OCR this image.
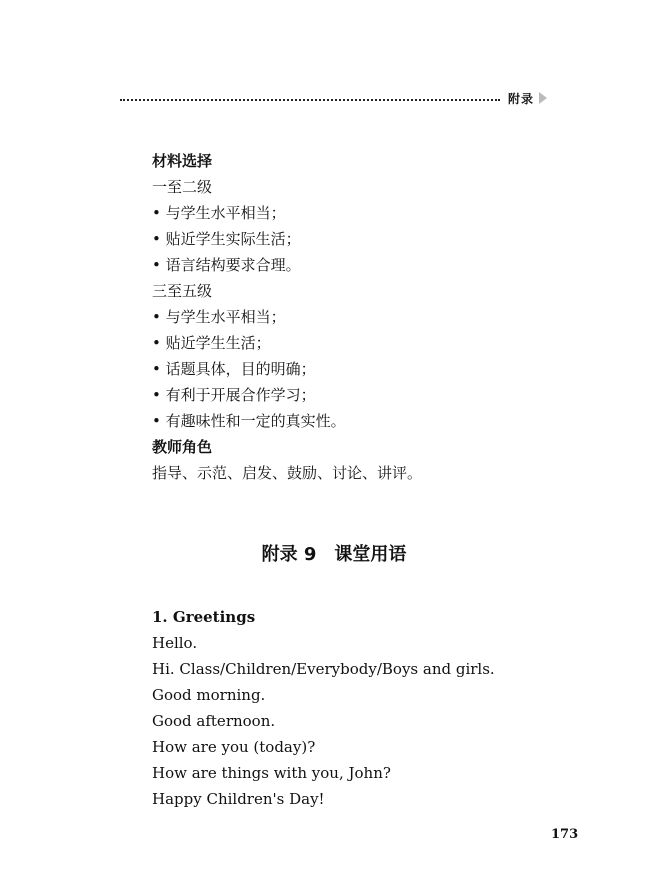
附录
材料选择
一至二级
• 与学生水平相当；
• 贴近学生实际生活；
• 语言结构要求合理。
三至五级
• 与学生水平相当；
• 贴近学生生活；
• 话题具体，目的明确；
• 有利于开展合作学习；
• 有趣味性和一定的真实性。
教师角色
指导、示范、启发、鼓励、讨论、讲评。
附录 9　课堂用语
1. Greetings
Hello.
Hi. Class/Children/Everybody/Boys and girls.
Good morning.
Good afternoon.
How are you (today)?
How are things with you, John?
Happy Children's Day!
173
